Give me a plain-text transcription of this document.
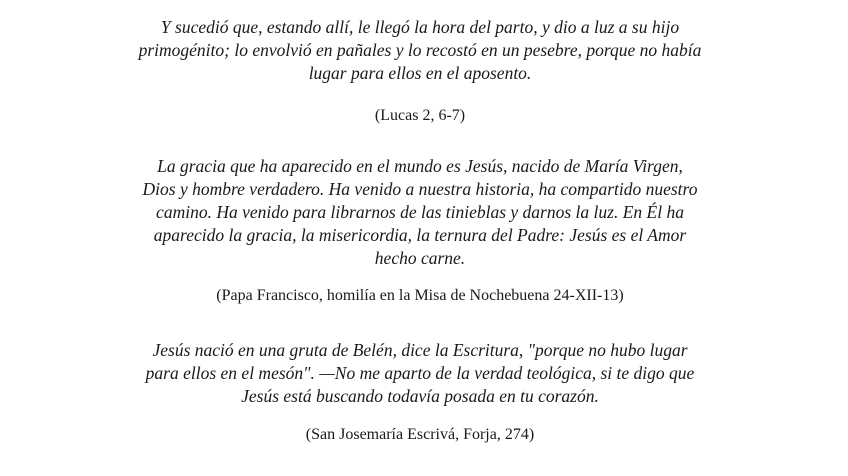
Y sucedió que, estando allí, le llegó la hora del parto, y dio a luz a su hijo
primogénito; lo envolvió en pañales y lo recostó en un pesebre, porque no había
lugar para ellos en el aposento.

(Lucas 2, 6-7)

La gracia que ha aparecido en el mundo es Jesús, nacido de María Virgen,
Dios y hombre verdadero. Ha venido a nuestra historia, ha compartido nuestro
camino. Ha venido para librarnos de las tinieblas y darnos la luz. En Él ha
aparecido la gracia, la misericordia, la ternura del Padre: Jesús es el Amor
hecho carne.

(Papa Francisco, homilía en la Misa de Nochebuena 24-XII-13)

Jesús nació en una gruta de Belén, dice la Escritura, "porque no hubo lugar
para ellos en el mesón". —No me aparto de la verdad teológica, si te digo que
Jesús está buscando todavía posada en tu corazón.

(San Josemaría Escrivá, Forja, 274)
